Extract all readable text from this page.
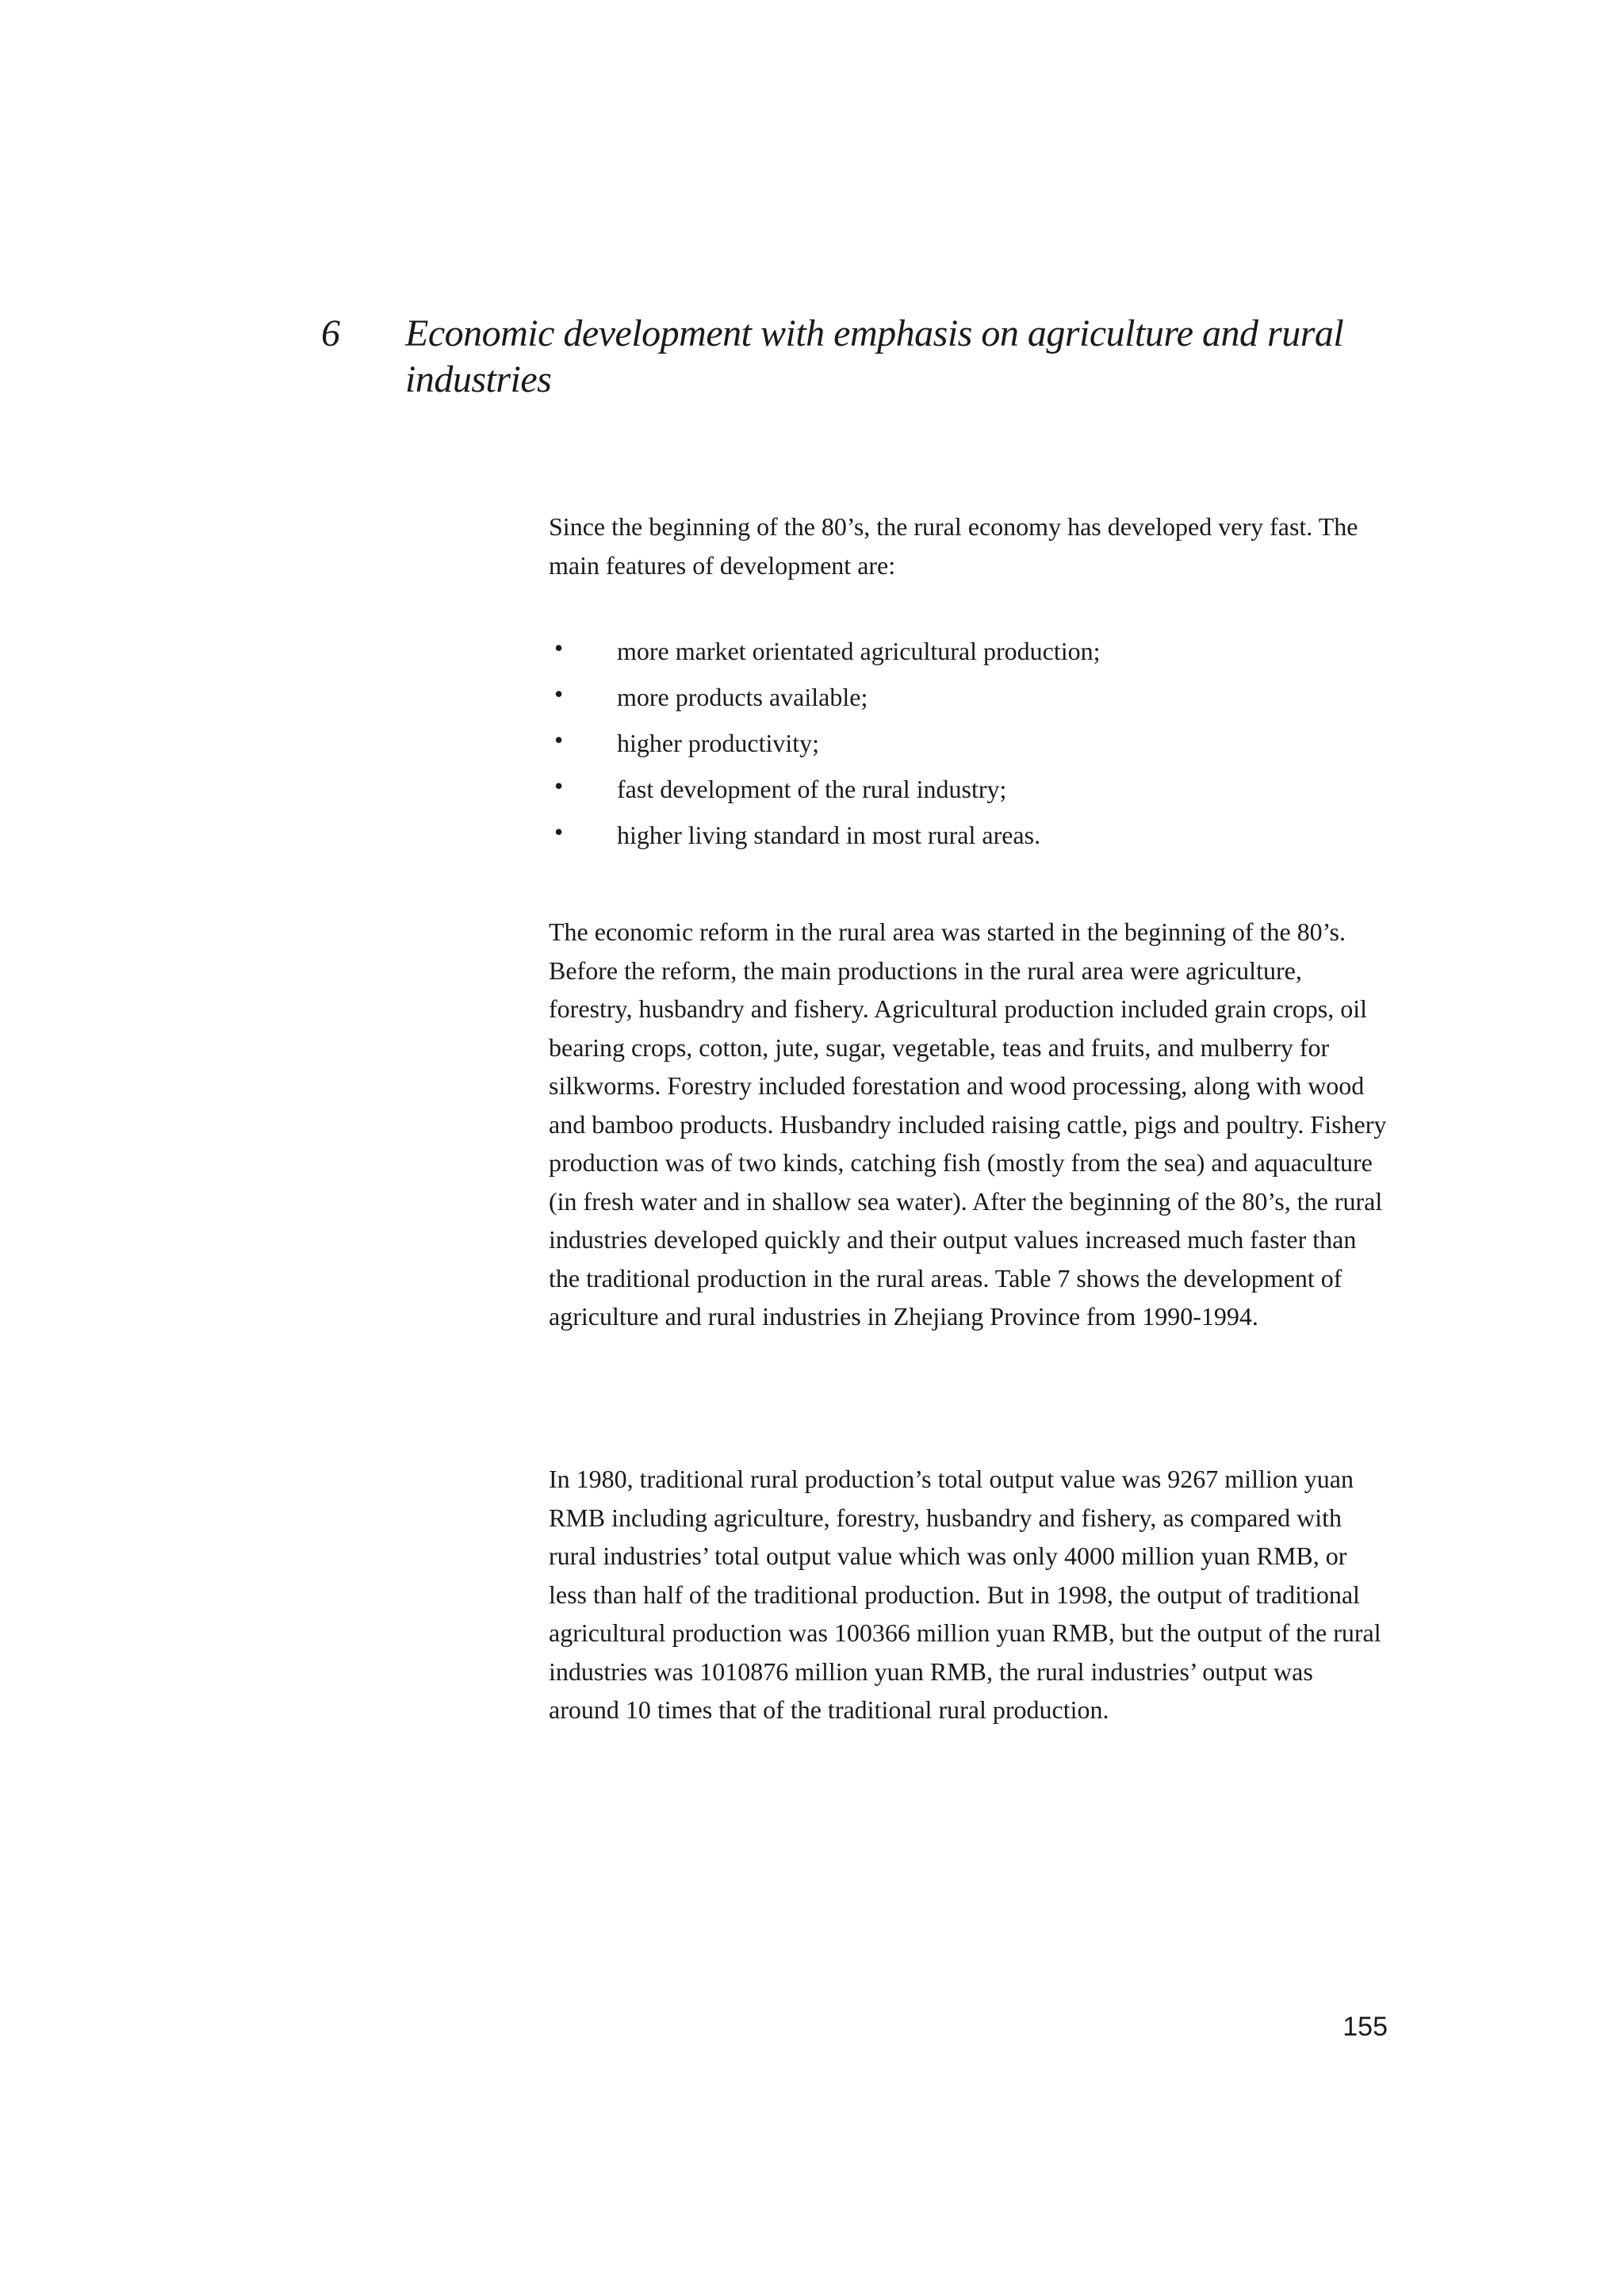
6 Economic development with emphasis on agriculture and rural industries

Since the beginning of the 80’s, the rural economy has developed very fast. The main features of development are:

• more market orientated agricultural production;
• more products available;
• higher productivity;
• fast development of the rural industry;
• higher living standard in most rural areas.

The economic reform in the rural area was started in the beginning of the 80’s. Before the reform, the main productions in the rural area were agriculture, forestry, husbandry and fishery. Agricultural production included grain crops, oil bearing crops, cotton, jute, sugar, vegetable, teas and fruits, and mulberry for silkworms. Forestry included forestation and wood processing, along with wood and bamboo products. Husbandry included raising cattle, pigs and poultry. Fishery production was of two kinds, catching fish (mostly from the sea) and aquaculture (in fresh water and in shallow sea water). After the beginning of the 80’s, the rural industries developed quickly and their output values increased much faster than the traditional production in the rural areas. Table 7 shows the development of agriculture and rural industries in Zhejiang Province from 1990-1994.

In 1980, traditional rural production’s total output value was 9267 million yuan RMB including agriculture, forestry, husbandry and fishery, as compared with rural industries’ total output value which was only 4000 million yuan RMB, or less than half of the traditional production. But in 1998, the output of traditional agricultural production was 100366 million yuan RMB, but the output of the rural industries was 1010876 million yuan RMB, the rural industries’ output was around 10 times that of the traditional rural production.

155
